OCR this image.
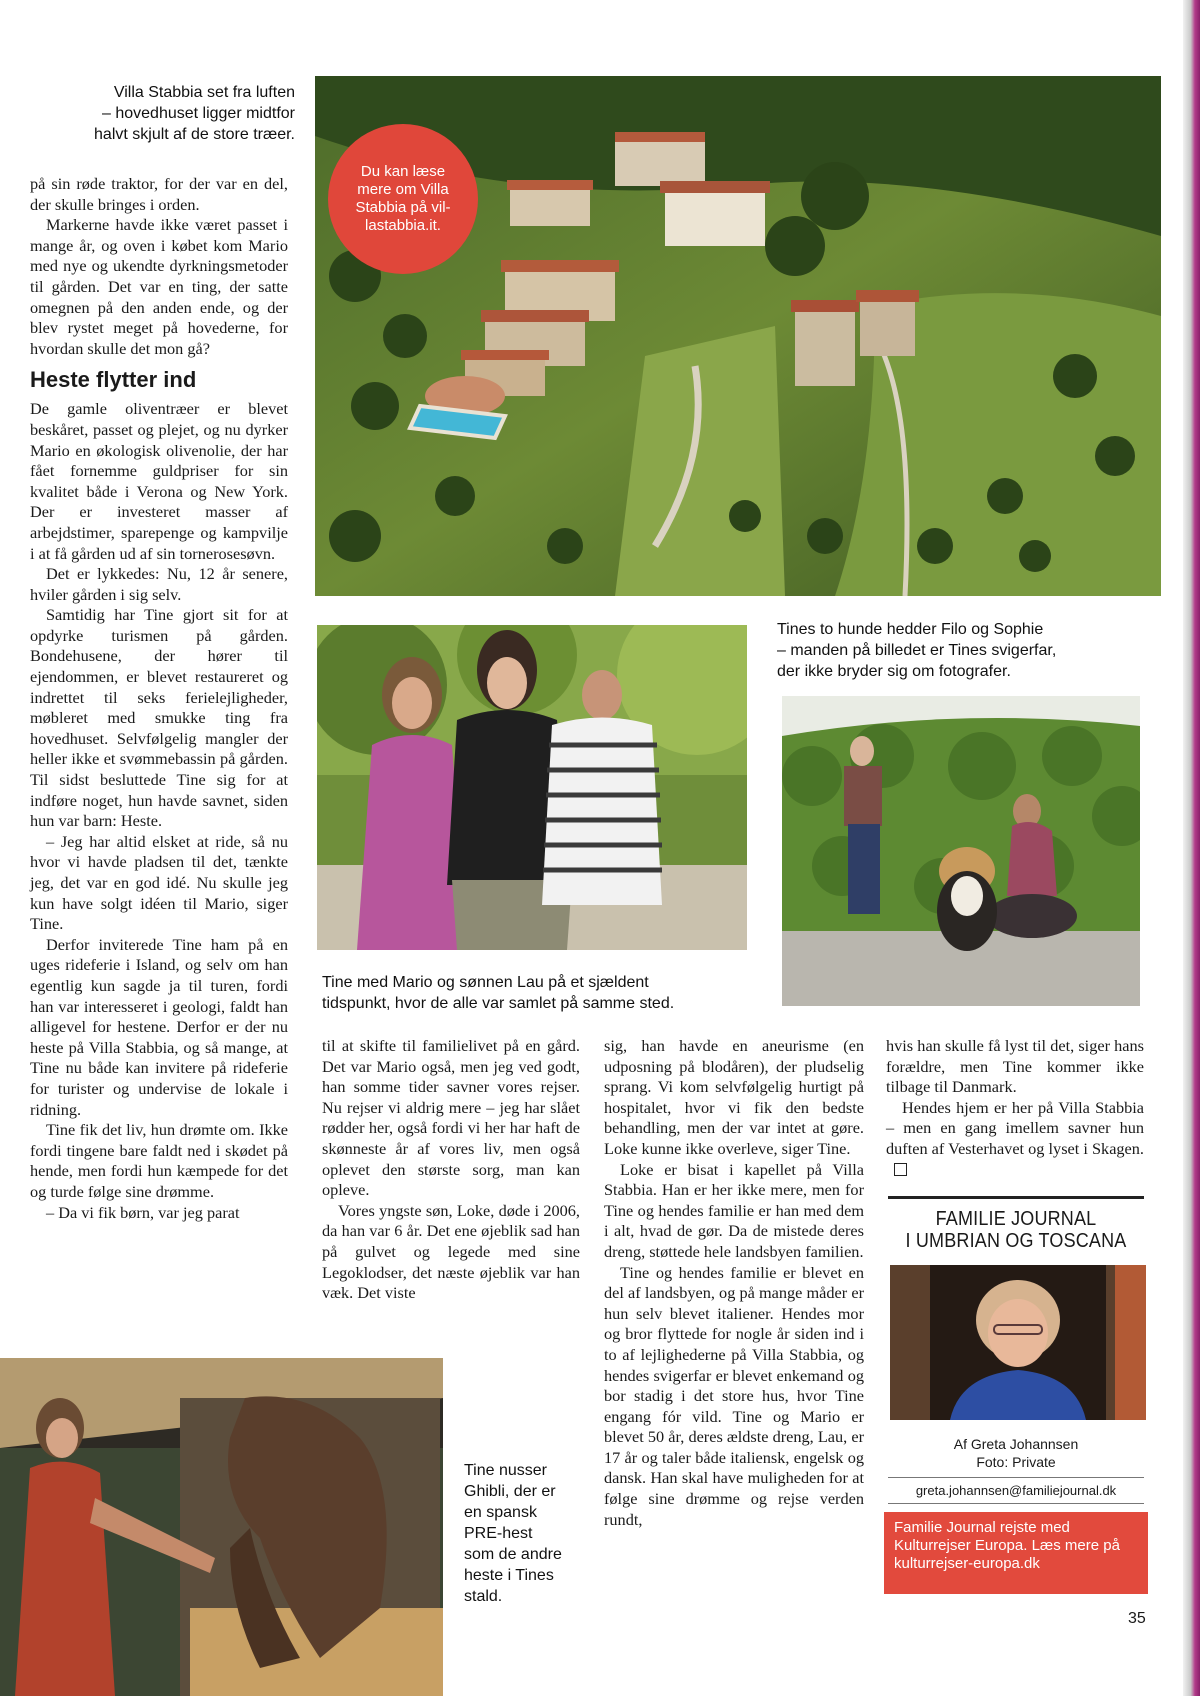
Villa Stabbia set fra luften
– hovedhuset ligger midtfor
halvt skjult af de store træer.
Du kan læse mere om Villa Stabbia på vil-lastabbia.it.

på sin røde traktor, for der var en del, der skulle bringes i orden.

Markerne havde ikke været passet i mange år, og oven i købet kom Mario med nye og ukendte dyrkningsmetoder til gården. Det var en ting, der satte omegnen på den anden ende, og der blev rystet meget på hovederne, for hvordan skulle det mon gå?

Heste flytter ind

De gamle oliventræer er blevet beskåret, passet og plejet, og nu dyrker Mario en økologisk olivenolie, der har fået fornemme guldpriser for sin kvalitet både i Verona og New York. Der er investeret masser af arbejdstimer, sparepenge og kampvilje i at få gården ud af sin tornerosesøvn.

Det er lykkedes: Nu, 12 år senere, hviler gården i sig selv.

Samtidig har Tine gjort sit for at opdyrke turismen på gården. Bondehusene, der hører til ejendommen, er blevet restaureret og indrettet til seks ferielejligheder, møbleret med smukke ting fra hovedhuset. Selvfølgelig mangler der heller ikke et svømmebassin på gården. Til sidst besluttede Tine sig for at indføre noget, hun havde savnet, siden hun var barn: Heste.

– Jeg har altid elsket at ride, så nu hvor vi havde pladsen til det, tænkte jeg, det var en god idé. Nu skulle jeg kun have solgt idéen til Mario, siger Tine.

Derfor inviterede Tine ham på en uges rideferie i Island, og selv om han egentlig kun sagde ja til turen, fordi han var interesseret i geologi, faldt han alligevel for hestene. Derfor er der nu heste på Villa Stabbia, og så mange, at Tine nu både kan invitere på rideferie for turister og undervise de lokale i ridning.

Tine fik det liv, hun drømte om. Ikke fordi tingene bare faldt ned i skødet på hende, men fordi hun kæmpede for det og turde følge sine drømme.

– Da vi fik børn, var jeg parat

Tine med Mario og sønnen Lau på et sjældent
tidspunkt, hvor de alle var samlet på samme sted.
Tines to hunde hedder Filo og Sophie
– manden på billedet er Tines svigerfar,
der ikke bryder sig om fotografer.

til at skifte til familielivet på en gård. Det var Mario også, men jeg ved godt, han somme tider savner vores rejser. Nu rejser vi aldrig mere – jeg har slået rødder her, også fordi vi her har haft de skønneste år af vores liv, men også oplevet den største sorg, man kan opleve.

Vores yngste søn, Loke, døde i 2006, da han var 6 år. Det ene øjeblik sad han på gulvet og legede med sine Legoklodser, det næste øjeblik var han væk. Det viste

sig, han havde en aneurisme (en udposning på blodåren), der pludselig sprang. Vi kom selvfølgelig hurtigt på hospitalet, hvor vi fik den bedste behandling, men der var intet at gøre. Loke kunne ikke overleve, siger Tine.

Loke er bisat i kapellet på Villa Stabbia. Han er her ikke mere, men for Tine og hendes familie er han med dem i alt, hvad de gør. Da de mistede deres dreng, støttede hele landsbyen familien.

Tine og hendes familie er blevet en del af landsbyen, og på mange måder er hun selv blevet italiener. Hendes mor og bror flyttede for nogle år siden ind i to af lejlighederne på Villa Stabbia, og hendes svigerfar er blevet enkemand og bor stadig i det store hus, hvor Tine engang fór vild. Tine og Mario er blevet 50 år, deres ældste dreng, Lau, er 17 år og taler både italiensk, engelsk og dansk. Han skal have muligheden for at følge sine drømme og rejse verden rundt,

hvis han skulle få lyst til det, siger hans forældre, men Tine kommer ikke tilbage til Danmark.

Hendes hjem er her på Villa Stabbia – men en gang imellem savner hun duften af Vesterhavet og lyset i Skagen.

FAMILIE JOURNAL
I UMBRIAN OG TOSCANA
Af Greta Johannsen
Foto: Private
greta.johannsen@familiejournal.dk
Familie Journal rejste med Kulturrejser Europa. Læs mere på kulturrejser-europa.dk
Tine nusser
Ghibli, der er
en spansk
PRE-hest
som de andre
heste i Tines
stald.
35
